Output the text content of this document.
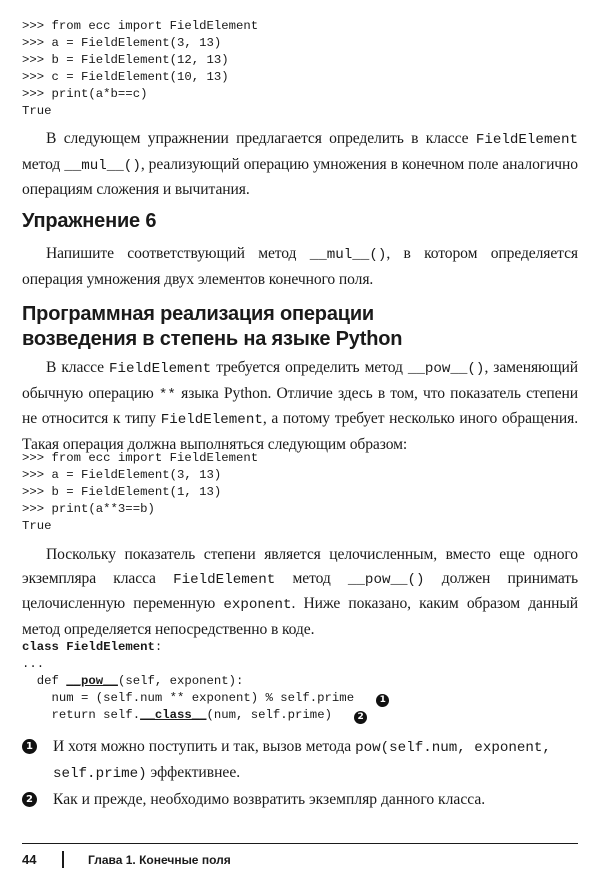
>>> from ecc import FieldElement
>>> a = FieldElement(3, 13)
>>> b = FieldElement(12, 13)
>>> c = FieldElement(10, 13)
>>> print(a*b==c)
True

В следующем упражнении предлагается определить в классе FieldElement метод __mul__(), реализующий операцию умножения в конечном поле аналогично операциям сложения и вычитания.

Упражнение 6

Напишите соответствующий метод __mul__(), в котором определяется операция умножения двух элементов конечного поля.

Программная реализация операции
возведения в степень на языке Python

В классе FieldElement требуется определить метод __pow__(), заменяющий обычную операцию ** языка Python. Отличие здесь в том, что показатель степени не относится к типу FieldElement, а потому требует несколько иного обращения. Такая операция должна выполняться следующим образом:

>>> from ecc import FieldElement
>>> a = FieldElement(3, 13)
>>> b = FieldElement(1, 13)
>>> print(a**3==b)
True

Поскольку показатель степени является целочисленным, вместо еще одного экземпляра класса FieldElement метод __pow__() должен принимать целочисленную переменную exponent. Ниже показано, каким образом данный метод определяется непосредственно в коде.

class FieldElement:
...
def __pow__(self, exponent):
num = (self.num ** exponent) % self.prime	1
return self.__class__(num, self.prime)	2
1	И хотя можно поступить и так, вызов метода pow(self.num, exponent, self.prime) эффективнее.
2	Как и прежде, необходимо возвратить экземпляр данного класса.
44	Глава 1. Конечные поля
